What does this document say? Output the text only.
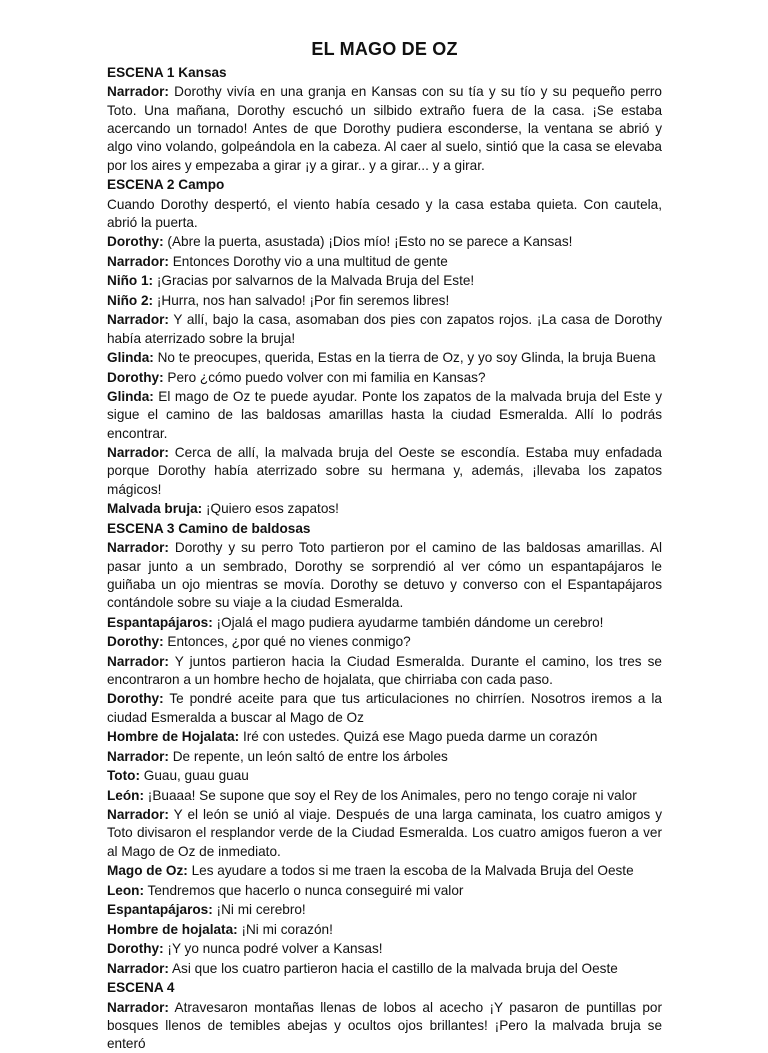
EL MAGO DE OZ
ESCENA 1 Kansas
Narrador: Dorothy vivía en una granja en Kansas con su tía y su tío y su pequeño perro Toto. Una mañana, Dorothy escuchó un silbido extraño fuera de la casa. ¡Se estaba acercando un tornado! Antes de que Dorothy pudiera esconderse, la ventana se abrió y algo vino volando, golpeándola en la cabeza. Al caer al suelo, sintió que la casa se elevaba por los aires y empezaba a girar ¡y a girar.. y a girar... y a girar.
ESCENA 2 Campo
Cuando Dorothy despertó, el viento había cesado y la casa estaba quieta. Con cautela, abrió la puerta.
Dorothy: (Abre la puerta, asustada) ¡Dios mío! ¡Esto no se parece a Kansas!
Narrador: Entonces Dorothy vio a una multitud de gente
Niño 1: ¡Gracias por salvarnos de la Malvada Bruja del Este!
Niño 2: ¡Hurra, nos han salvado! ¡Por fin seremos libres!
Narrador: Y allí, bajo la casa, asomaban dos pies con zapatos rojos. ¡La casa de Dorothy había aterrizado sobre la bruja!
Glinda: No te preocupes, querida, Estas en la tierra de Oz, y yo soy Glinda, la bruja Buena
Dorothy: Pero ¿cómo puedo volver con mi familia en Kansas?
Glinda: El mago de Oz te puede ayudar. Ponte los zapatos de la malvada bruja del Este y sigue el camino de las baldosas amarillas hasta la ciudad Esmeralda. Allí lo podrás encontrar.
Narrador: Cerca de allí, la malvada bruja del Oeste se escondía. Estaba muy enfadada porque Dorothy había aterrizado sobre su hermana y, además, ¡llevaba los zapatos mágicos!
Malvada bruja: ¡Quiero esos zapatos!
ESCENA 3 Camino de baldosas
Narrador: Dorothy y su perro Toto partieron por el camino de las baldosas amarillas. Al pasar junto a un sembrado, Dorothy se sorprendió al ver cómo un espantapájaros le guiñaba un ojo mientras se movía. Dorothy se detuvo y converso con el Espantapájaros contándole sobre su viaje a la ciudad Esmeralda.
Espantapájaros: ¡Ojalá el mago pudiera ayudarme también dándome un cerebro!
Dorothy: Entonces, ¿por qué no vienes conmigo?
Narrador: Y juntos partieron hacia la Ciudad Esmeralda. Durante el camino, los tres se encontraron a un hombre hecho de hojalata, que chirriaba con cada paso.
Dorothy: Te pondré aceite para que tus articulaciones no chirríen. Nosotros iremos a la ciudad Esmeralda a buscar al Mago de Oz
Hombre de Hojalata: Iré con ustedes. Quizá ese Mago pueda darme un corazón
Narrador: De repente, un león saltó de entre los árboles
Toto: Guau, guau guau
León: ¡Buaaa! Se supone que soy el Rey de los Animales, pero no tengo coraje ni valor
Narrador: Y el león se unió al viaje. Después de una larga caminata, los cuatro amigos y Toto divisaron el resplandor verde de la Ciudad Esmeralda. Los cuatro amigos fueron a ver al Mago de Oz de inmediato.
Mago de Oz: Les ayudare a todos si me traen la escoba de la Malvada Bruja del Oeste
Leon: Tendremos que hacerlo o nunca conseguiré mi valor
Espantapájaros: ¡Ni mi cerebro!
Hombre de hojalata: ¡Ni mi corazón!
Dorothy: ¡Y yo nunca podré volver a Kansas!
Narrador: Asi que los cuatro partieron hacia el castillo de la malvada bruja del Oeste
ESCENA 4
Narrador: Atravesaron montañas llenas de lobos al acecho ¡Y pasaron de puntillas por bosques llenos de temibles abejas y ocultos ojos brillantes! ¡Pero la malvada bruja se enteró
